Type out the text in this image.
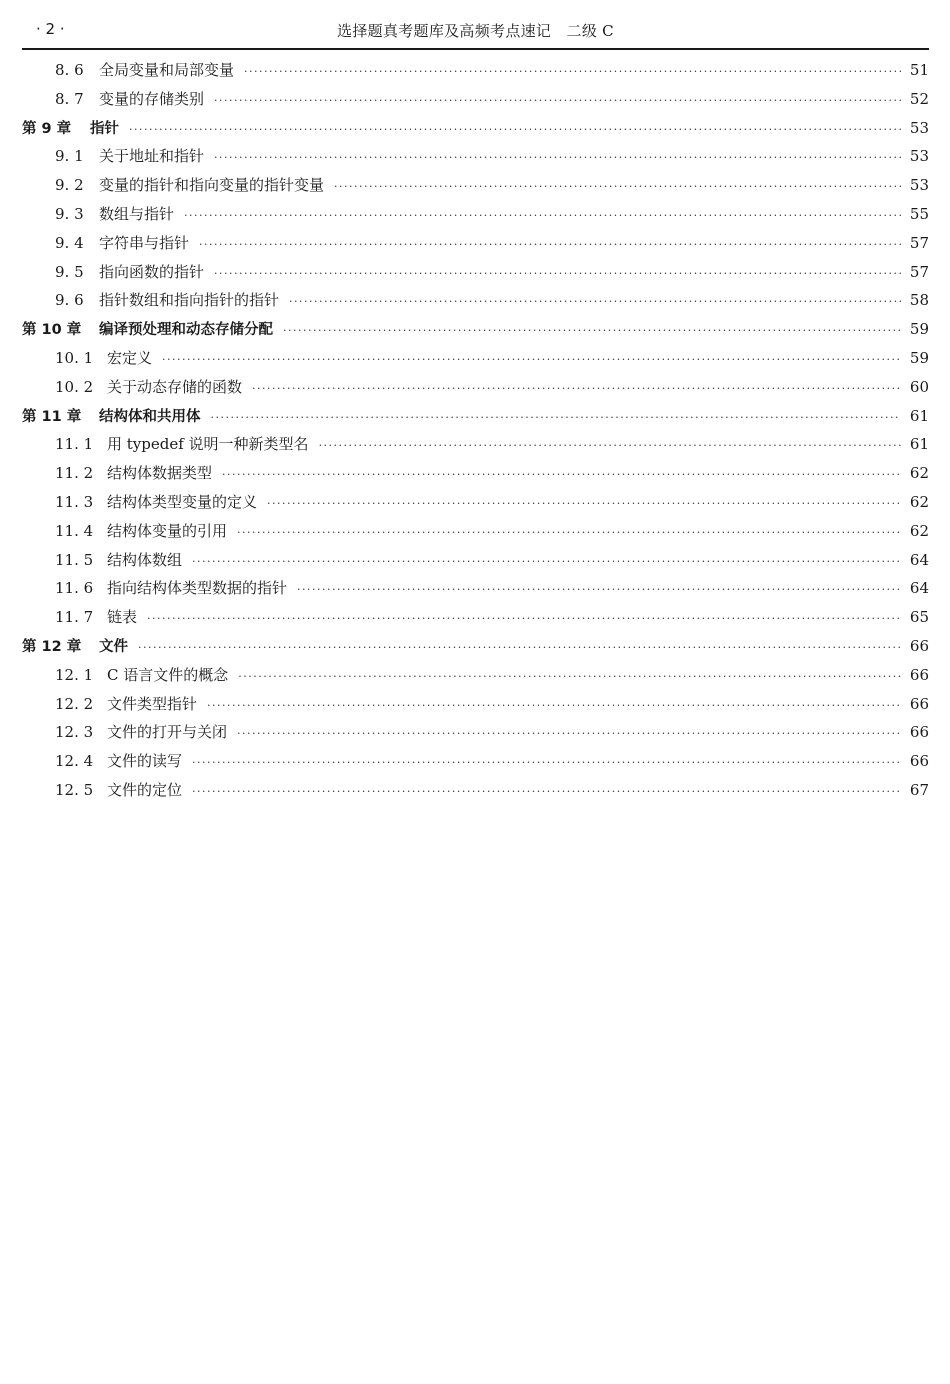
· 2 ·	选择题真考题库及高频考点速记　二级 C
8. 6	全局变量和局部变量 ·····	51
8. 7	变量的存储类别 ·····	52
第 9 章	指针 ·····	53
9. 1	关于地址和指针 ·····	53
9. 2	变量的指针和指向变量的指针变量 ·····	53
9. 3	数组与指针 ·····	55
9. 4	字符串与指针 ·····	57
9. 5	指向函数的指针 ·····	57
9. 6	指针数组和指向指针的指针 ·····	58
第 10 章	编译预处理和动态存储分配 ·····	59
10. 1 宏定义 ·····	59
10. 2 关于动态存储的函数 ·····	60
第 11 章	结构体和共用体 ·····	61
11. 1 用 typedef 说明一种新类型名 ·····	61
11. 2 结构体数据类型 ·····	62
11. 3 结构体类型变量的定义 ·····	62
11. 4 结构体变量的引用 ·····	62
11. 5 结构体数组 ·····	64
11. 6 指向结构体类型数据的指针 ·····	64
11. 7 链表 ·····	65
第 12 章	文件 ·····	66
12. 1 C 语言文件的概念 ·····	66
12. 2 文件类型指针 ·····	66
12. 3 文件的打开与关闭 ·····	66
12. 4 文件的读写 ·····	66
12. 5 文件的定位 ·····	67
